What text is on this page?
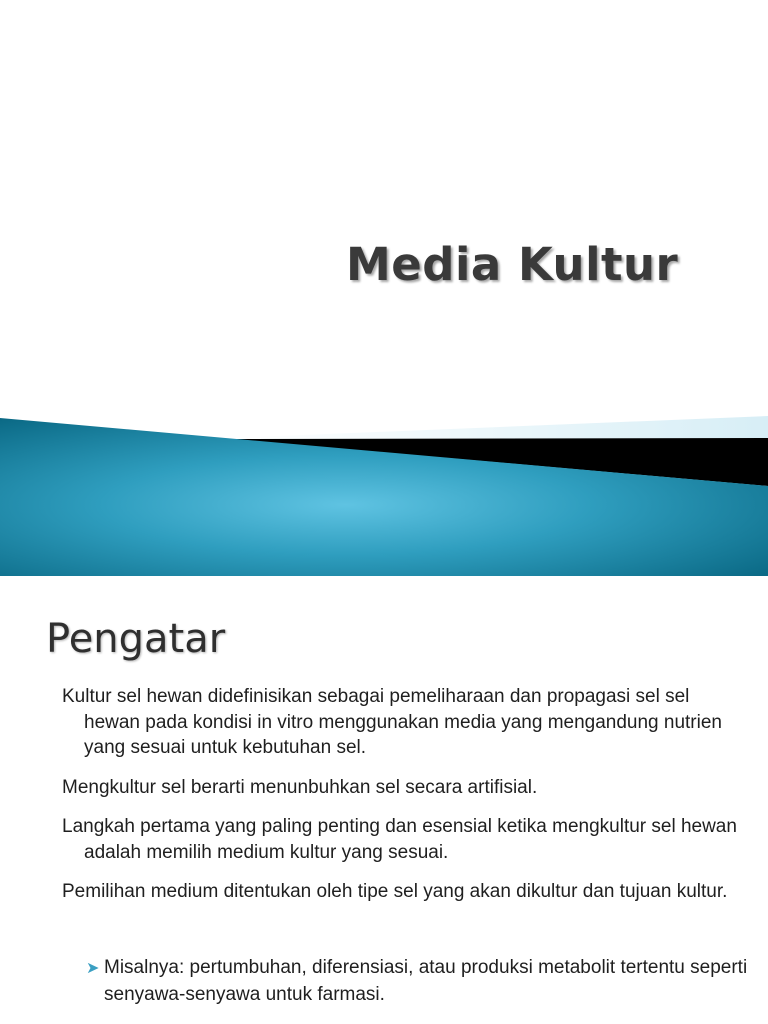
Media Kultur
Pengatar
Kultur sel hewan didefinisikan sebagai pemeliharaan dan propagasi sel sel hewan pada kondisi in vitro menggunakan media yang mengandung nutrien yang sesuai untuk kebutuhan sel.
Mengkultur sel berarti menunbuhkan sel secara artifisial.
Langkah pertama yang paling penting dan esensial ketika mengkultur sel hewan adalah memilih medium kultur yang sesuai.
Pemilihan medium ditentukan oleh tipe sel yang akan dikultur dan tujuan kultur.
➤ Misalnya: pertumbuhan, diferensiasi, atau produksi metabolit tertentu seperti senyawa-senyawa untuk farmasi.
